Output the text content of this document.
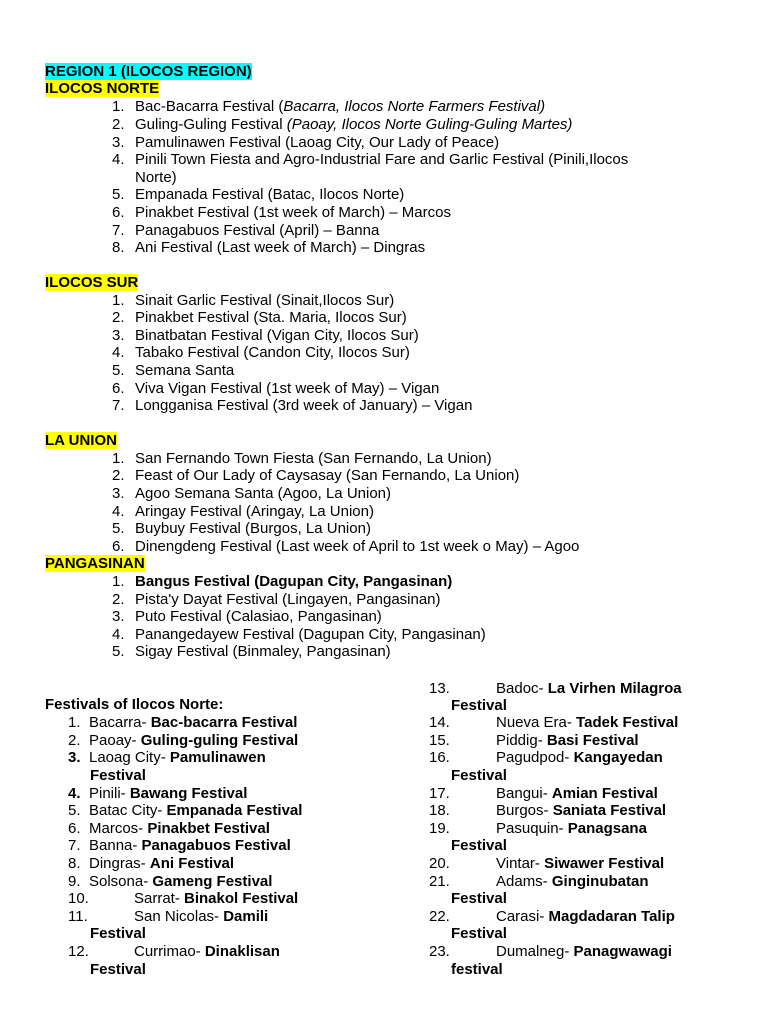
REGION 1 (ILOCOS REGION)
ILOCOS NORTE
1. Bac-Bacarra Festival (Bacarra, Ilocos Norte Farmers Festival)
2. Guling-Guling Festival (Paoay, Ilocos Norte Guling-Guling Martes)
3. Pamulinawen Festival (Laoag City, Our Lady of Peace)
4. Pinili Town Fiesta and Agro-Industrial Fare and Garlic Festival (Pinili,Ilocos
Norte)
5. Empanada Festival (Batac, Ilocos Norte)
6. Pinakbet Festival (1st week of March) – Marcos
7. Panagabuos Festival (April) – Banna
8. Ani Festival (Last week of March) – Dingras
ILOCOS SUR
1. Sinait Garlic Festival (Sinait,Ilocos Sur)
2. Pinakbet Festival (Sta. Maria, Ilocos Sur)
3. Binatbatan Festival (Vigan City, Ilocos Sur)
4. Tabako Festival (Candon City, Ilocos Sur)
5. Semana Santa
6. Viva Vigan Festival (1st week of May) – Vigan
7. Longganisa Festival (3rd week of January) – Vigan
LA UNION
1. San Fernando Town Fiesta (San Fernando, La Union)
2. Feast of Our Lady of Caysasay (San Fernando, La Union)
3. Agoo Semana Santa (Agoo, La Union)
4. Aringay Festival (Aringay, La Union)
5. Buybuy Festival (Burgos, La Union)
6. Dinengdeng Festival (Last week of April to 1st week o May) – Agoo
PANGASINAN
1. Bangus Festival (Dagupan City, Pangasinan)
2. Pista'y Dayat Festival (Lingayen, Pangasinan)
3. Puto Festival (Calasiao, Pangasinan)
4. Panangedayew Festival (Dagupan City, Pangasinan)
5. Sigay Festival (Binmaley, Pangasinan)
Festivals of Ilocos Norte:
1. Bacarra- Bac-bacarra Festival
2. Paoay- Guling-guling Festival
3. Laoag City- Pamulinawen
Festival
4. Pinili- Bawang Festival
5. Batac City- Empanada Festival
6. Marcos- Pinakbet Festival
7. Banna- Panagabuos Festival
8. Dingras- Ani Festival
9. Solsona- Gameng Festival
10.	Sarrat- Binakol Festival
11.	San Nicolas- Damili
Festival
12.	Currimao- Dinaklisan
Festival
13.	Badoc- La Virhen Milagroa
Festival
14.	Nueva Era- Tadek Festival
15.	Piddig- Basi Festival
16.	Pagudpod- Kangayedan
Festival
17.	Bangui- Amian Festival
18.	Burgos- Saniata Festival
19.	Pasuquin- Panagsana
Festival
20.	Vintar- Siwawer Festival
21.	Adams- Ginginubatan
Festival
22.	Carasi- Magdadaran Talip
Festival
23.	Dumalneg- Panagwawagi
festival
